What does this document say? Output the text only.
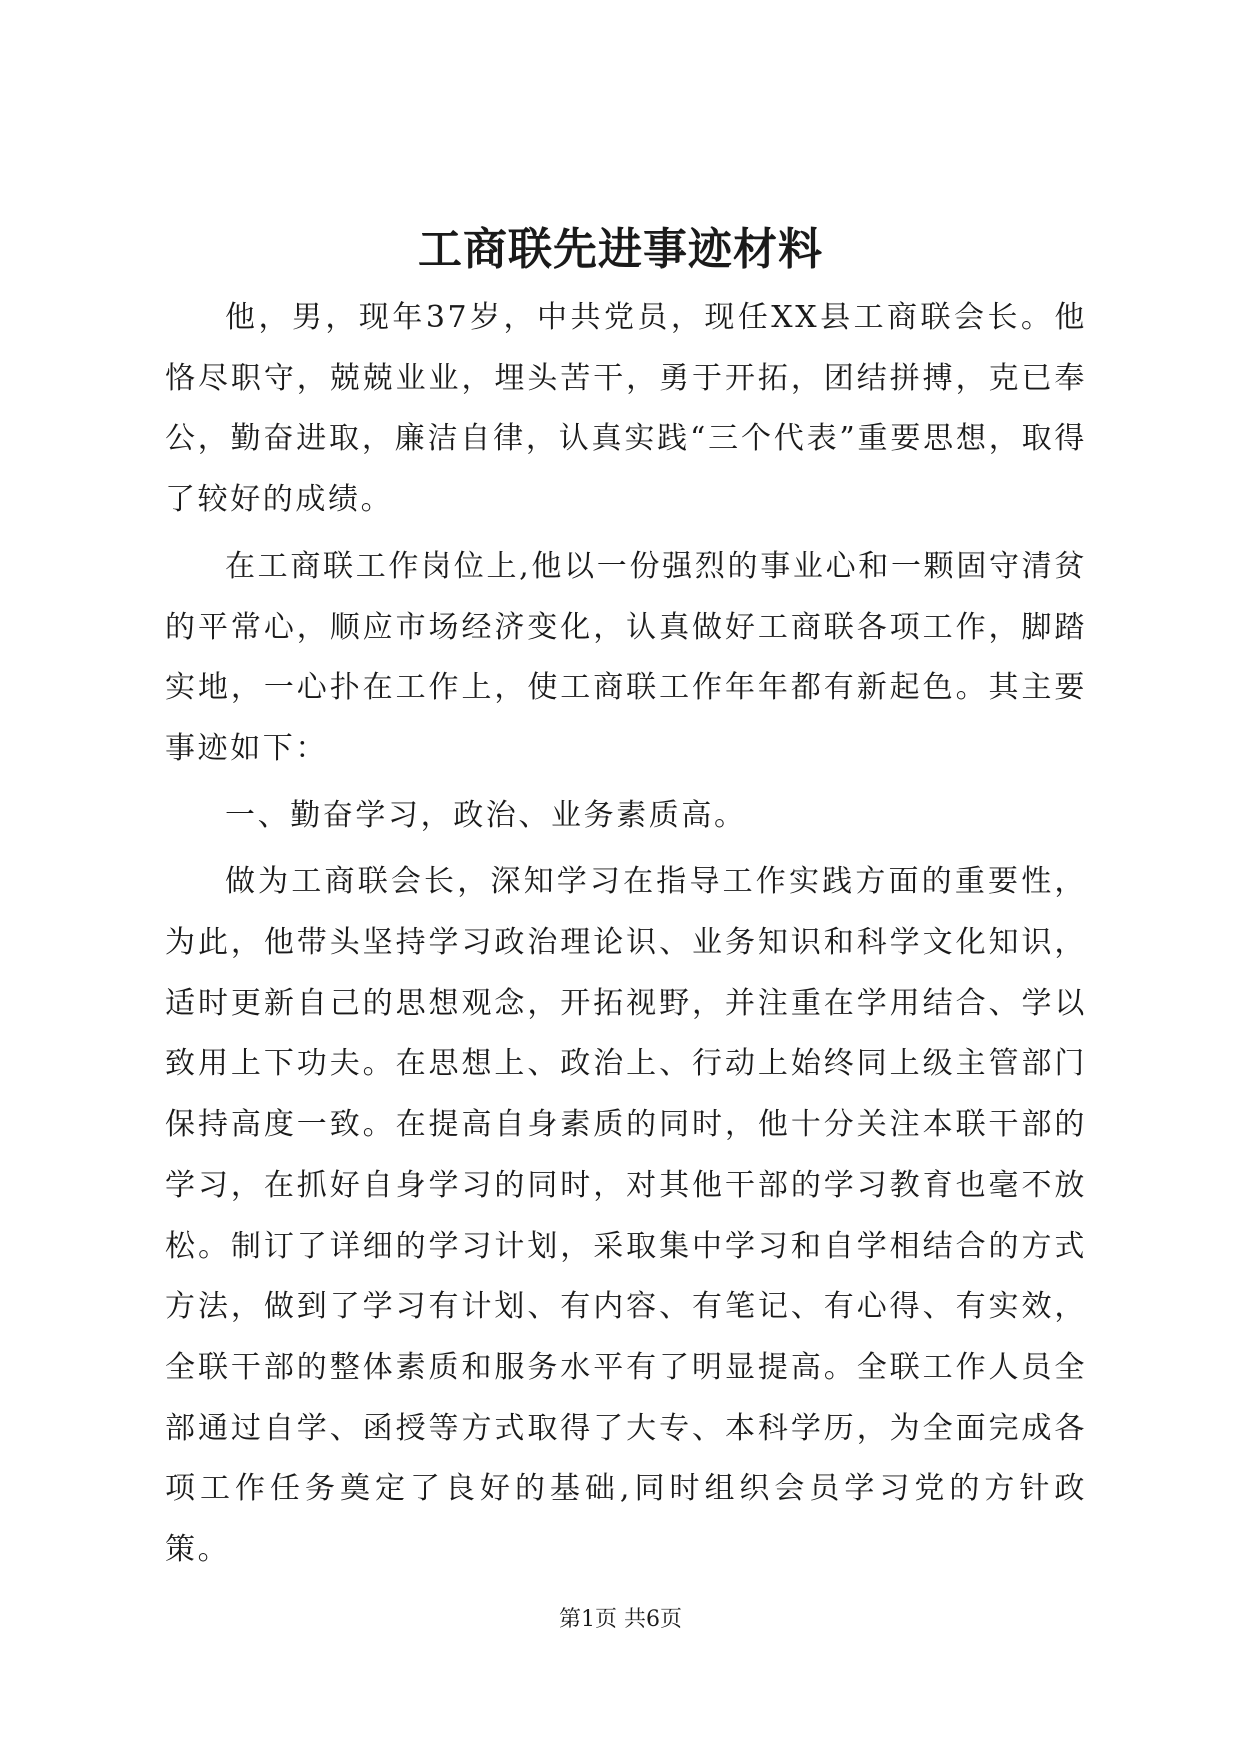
工商联先进事迹材料

他，男，现年37岁，中共党员，现任XX县工商联会长。他恪尽职守，兢兢业业，埋头苦干，勇于开拓，团结拼搏，克已奉公，勤奋进取，廉洁自律，认真实践“三个代表”重要思想，取得了较好的成绩。

在工商联工作岗位上,他以一份强烈的事业心和一颗固守清贫的平常心，顺应市场经济变化，认真做好工商联各项工作，脚踏实地，一心扑在工作上，使工商联工作年年都有新起色。其主要事迹如下：

一、勤奋学习，政治、业务素质高。

做为工商联会长，深知学习在指导工作实践方面的重要性，为此，他带头坚持学习政治理论识、业务知识和科学文化知识，适时更新自己的思想观念，开拓视野，并注重在学用结合、学以致用上下功夫。在思想上、政治上、行动上始终同上级主管部门保持高度一致。在提高自身素质的同时，他十分关注本联干部的学习，在抓好自身学习的同时，对其他干部的学习教育也毫不放松。制订了详细的学习计划，采取集中学习和自学相结合的方式方法，做到了学习有计划、有内容、有笔记、有心得、有实效，全联干部的整体素质和服务水平有了明显提高。全联工作人员全部通过自学、函授等方式取得了大专、本科学历，为全面完成各项工作任务奠定了良好的基础,同时组织会员学习党的方针政策。

第1页 共6页
